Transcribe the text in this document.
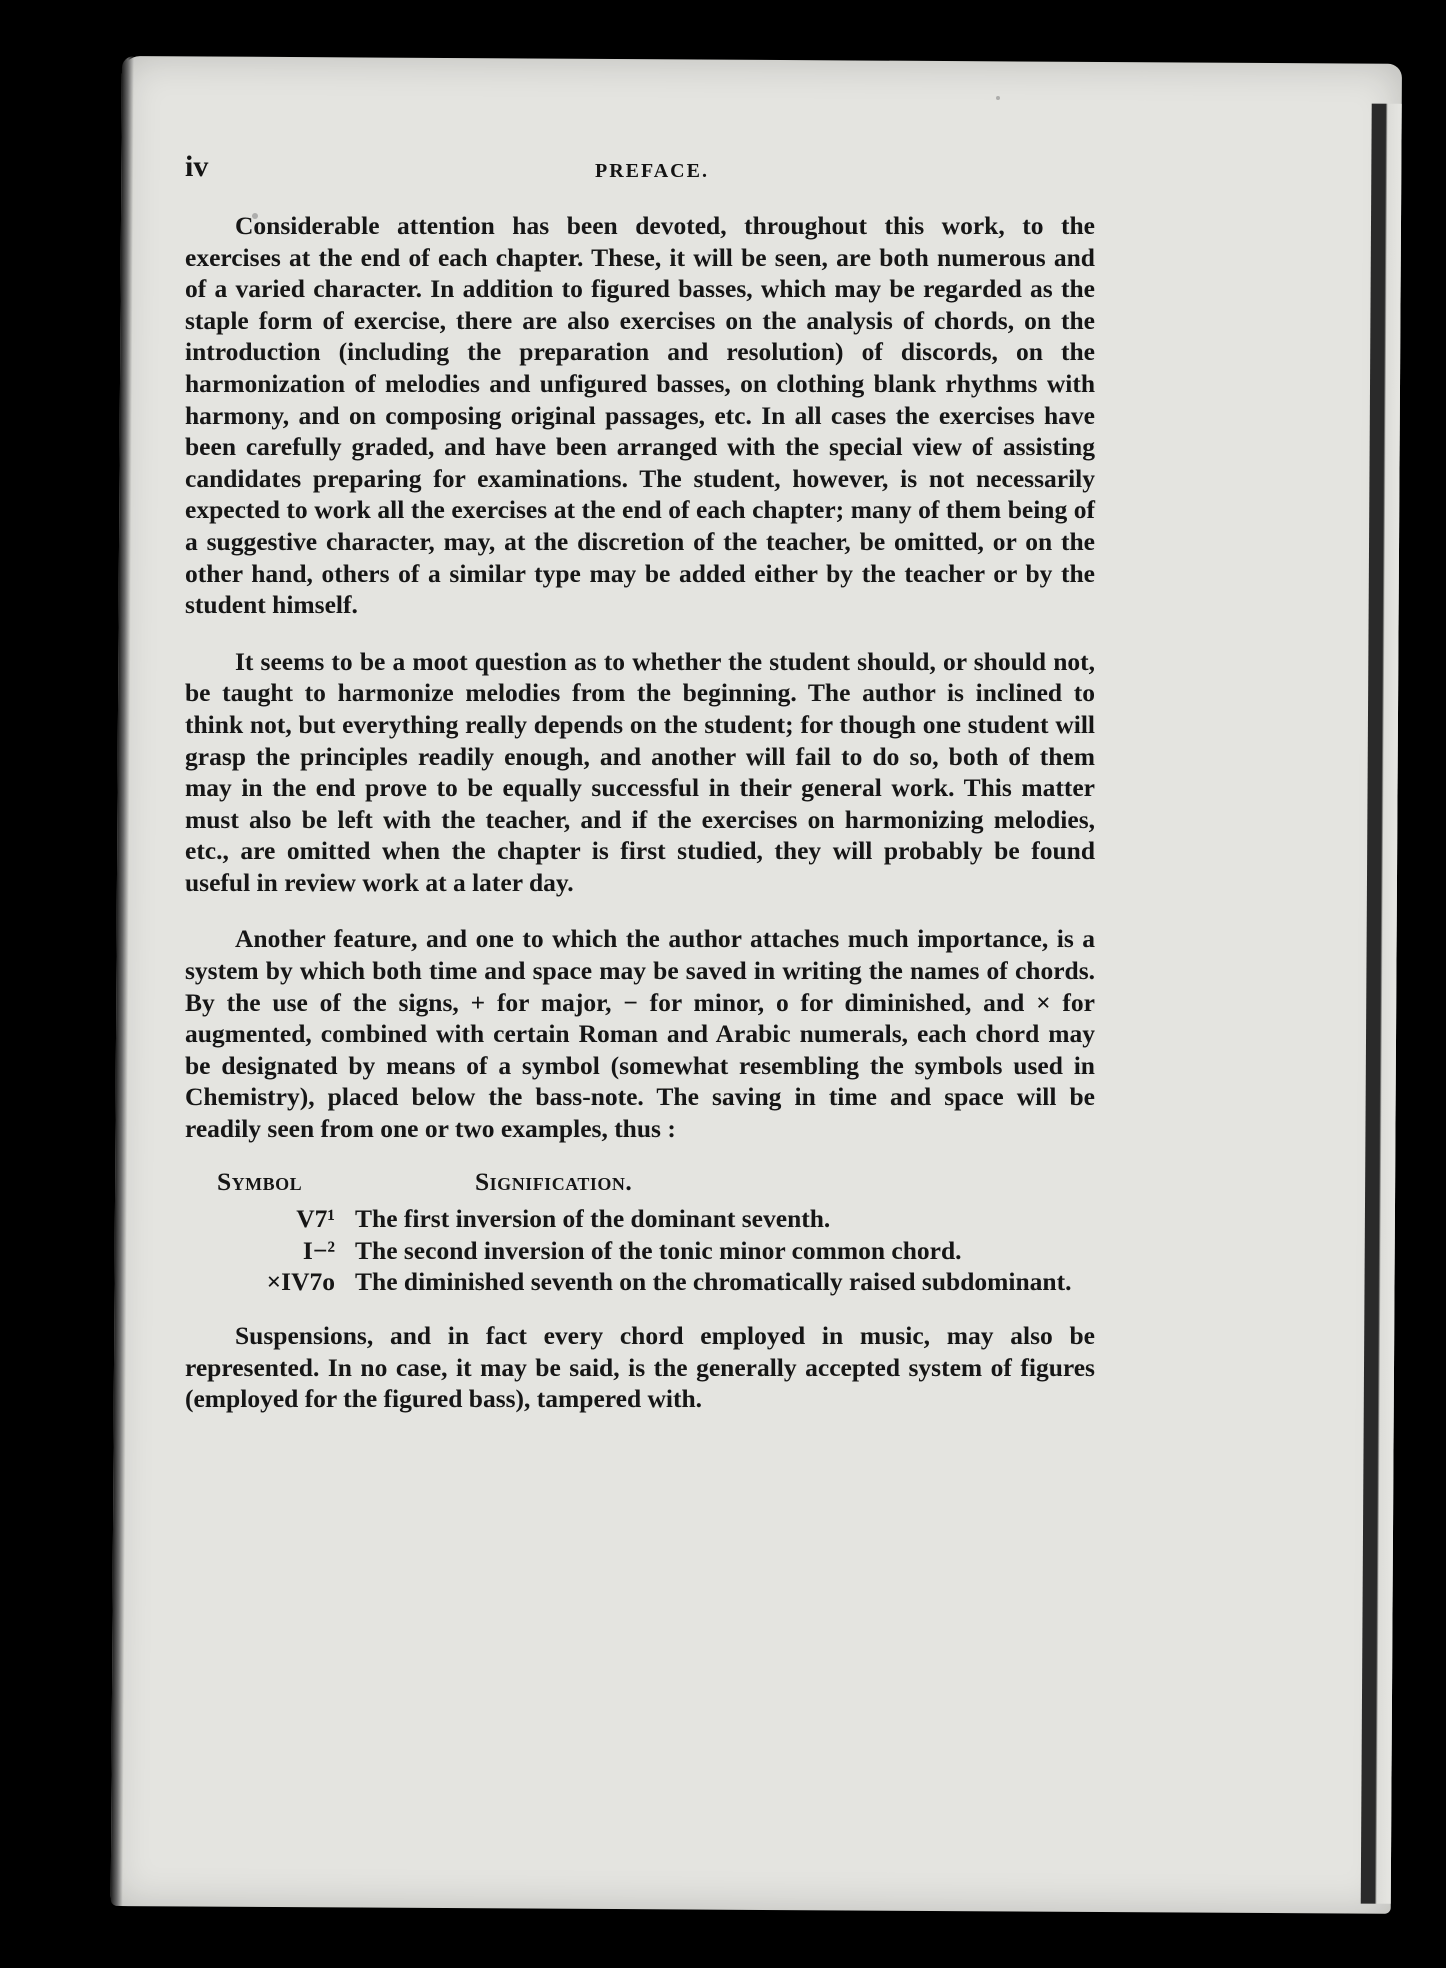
iv	PREFACE.

Considerable attention has been devoted, throughout this work, to the exercises at the end of each chapter. These, it will be seen, are both numerous and of a varied character. In addition to figured basses, which may be regarded as the staple form of exercise, there are also exercises on the analysis of chords, on the introduction (including the preparation and resolution) of discords, on the harmonization of melodies and unfigured basses, on clothing blank rhythms with harmony, and on composing original passages, etc. In all cases the exercises have been carefully graded, and have been arranged with the special view of assisting candidates preparing for examinations. The student, however, is not necessarily expected to work all the exercises at the end of each chapter; many of them being of a suggestive character, may, at the discretion of the teacher, be omitted, or on the other hand, others of a similar type may be added either by the teacher or by the student himself.

It seems to be a moot question as to whether the student should, or should not, be taught to harmonize melodies from the beginning. The author is inclined to think not, but everything really depends on the student; for though one student will grasp the principles readily enough, and another will fail to do so, both of them may in the end prove to be equally successful in their general work. This matter must also be left with the teacher, and if the exercises on harmonizing melodies, etc., are omitted when the chapter is first studied, they will probably be found useful in review work at a later day.

Another feature, and one to which the author attaches much importance, is a system by which both time and space may be saved in writing the names of chords. By the use of the signs, + for major, − for minor, o for diminished, and × for augmented, combined with certain Roman and Arabic numerals, each chord may be designated by means of a symbol (somewhat resembling the symbols used in Chemistry), placed below the bass-note. The saving in time and space will be readily seen from one or two examples, thus :

Symbol	Signification.
V7¹ The first inversion of the dominant seventh.
I−² The second inversion of the tonic minor common chord.
×IV7o The diminished seventh on the chromatically raised subdominant.

Suspensions, and in fact every chord employed in music, may also be represented. In no case, it may be said, is the generally accepted system of figures (employed for the figured bass), tampered with.
